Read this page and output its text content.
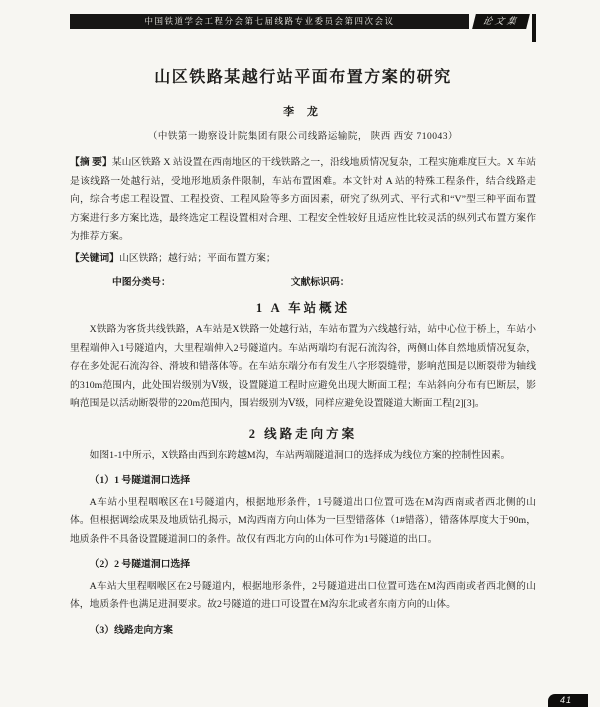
中国铁道学会工程分会第七届线路专业委员会第四次会议	论文集
山区铁路某越行站平面布置方案的研究
李 龙
（中铁第一勘察设计院集团有限公司线路运输院， 陕西 西安 710043）

【摘 要】某山区铁路 X 站设置在西南地区的干线铁路之一，沿线地质情况复杂，工程实施难度巨大。X 车站是该线路一处越行站，受地形地质条件限制，车站布置困难。本文针对 A 站的特殊工程条件，结合线路走向，综合考虑工程设置、工程投资、工程风险等多方面因素，研究了纵列式、平行式和“V”型三种平面布置方案进行多方案比选，最终选定工程设置相对合理、工程安全性较好且适应性比较灵活的纵列式布置方案作为推荐方案。

【关键词】山区铁路；越行站；平面布置方案；

中图分类号：	文献标识码：
1 A 车站概述

X铁路为客货共线铁路，A车站是X铁路一处越行站，车站布置为六线越行站，站中心位于桥上，车站小里程端伸入1号隧道内，大里程端伸入2号隧道内。车站两端均有泥石流沟谷，两侧山体自然地质情况复杂，存在多处泥石流沟谷、滑坡和错落体等。在车站东端分布有发生八字形裂缝带，影响范围是以断裂带为轴线的310m范围内，此处围岩级别为Ⅴ级，设置隧道工程时应避免出现大断面工程；车站斜向分布有巴断层，影响范围是以活动断裂带的220m范围内，围岩级别为Ⅴ级，同样应避免设置隧道大断面工程[2][3]。

2 线路走向方案

如图1-1中所示，X铁路由西到东跨越M沟，车站两端隧道洞口的选择成为线位方案的控制性因素。

（1）1 号隧道洞口选择

A车站小里程咽喉区在1号隧道内，根据地形条件，1号隧道出口位置可选在M沟西南或者西北侧的山体。但根据调绘成果及地质钻孔揭示，M沟西南方向山体为一巨型错落体（1#错落），错落体厚度大于90m，地质条件不具备设置隧道洞口的条件。故仅有西北方向的山体可作为1号隧道的出口。

（2）2 号隧道洞口选择

A车站大里程咽喉区在2号隧道内，根据地形条件，2号隧道进出口位置可选在M沟西南或者西北侧的山体，地质条件也满足进洞要求。故2号隧道的进口可设置在M沟东北或者东南方向的山体。

（3）线路走向方案
41
